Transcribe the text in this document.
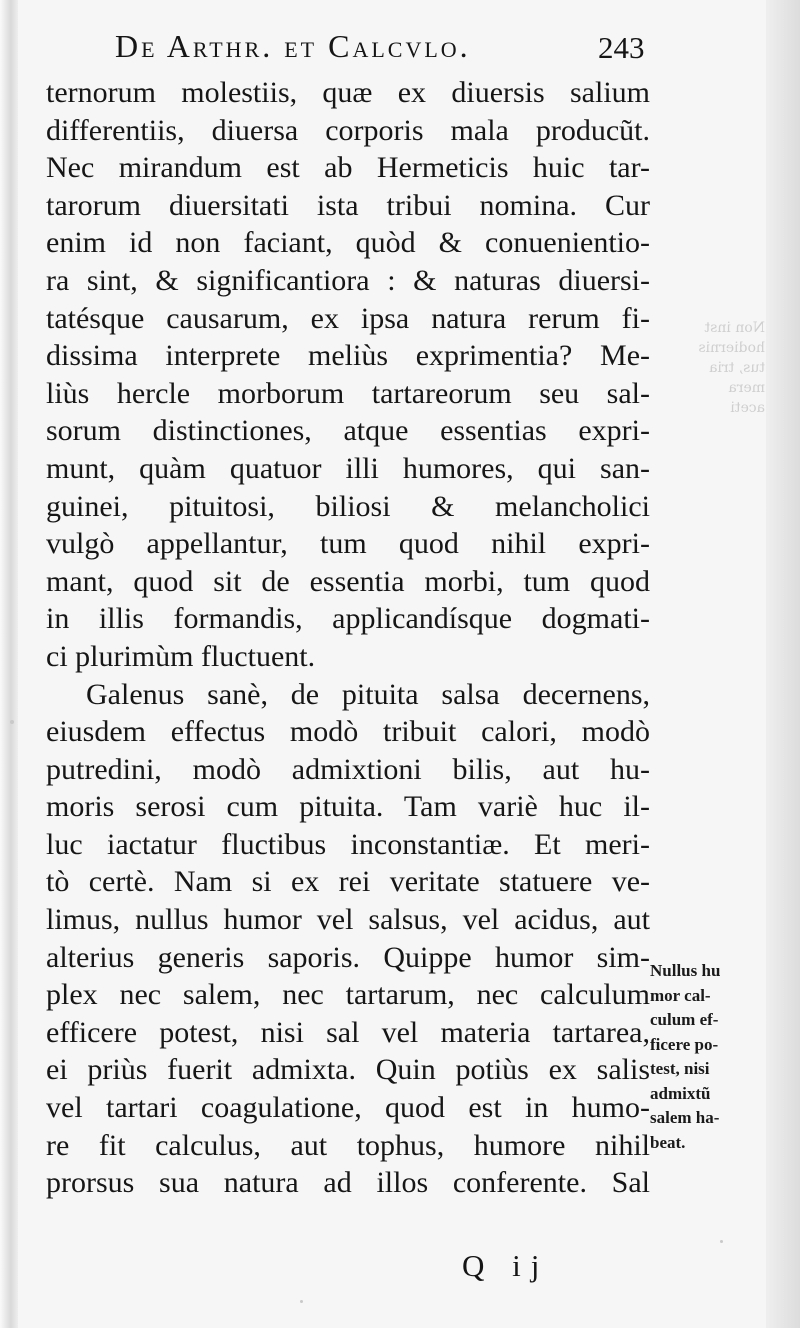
Non inst
hodiernis
tus, tria
mera
aceti
De Arthr. et Calcvlo.	243
ternorum molestiis, quæ ex diuersis salium
differentiis, diuersa corporis mala producũt.
Nec mirandum est ab Hermeticis huic tar-
tarorum diuersitati ista tribui nomina. Cur
enim id non faciant, quòd & conuenientio-
ra sint, & significantiora : & naturas diuersi-
tatésque causarum, ex ipsa natura rerum fi-
dissima interprete meliùs exprimentia? Me-
liùs hercle morborum tartareorum seu sal-
sorum distinctiones, atque essentias expri-
munt, quàm quatuor illi humores, qui san-
guinei, pituitosi, biliosi & melancholici
vulgò appellantur, tum quod nihil expri-
mant, quod sit de essentia morbi, tum quod
in illis formandis, applicandísque dogmati-
ci plurimùm fluctuent.
Galenus sanè, de pituita salsa decernens,
eiusdem effectus modò tribuit calori, modò
putredini, modò admixtioni bilis, aut hu-
moris serosi cum pituita. Tam variè huc il-
luc iactatur fluctibus inconstantiæ. Et meri-
tò certè. Nam si ex rei veritate statuere ve-
limus, nullus humor vel salsus, vel acidus, aut
alterius generis saporis. Quippe humor sim-
plex nec salem, nec tartarum, nec calculum
efficere potest, nisi sal vel materia tartarea,
ei priùs fuerit admixta. Quin potiùs ex salis
vel tartari coagulatione, quod est in humo-
re fit calculus, aut tophus, humore nihil
prorsus sua natura ad illos conferente. Sal
Nullus hu
mor cal-
culum ef-
ficere po-
test, nisi
admixtũ
salem ha-
beat.
Q ij
